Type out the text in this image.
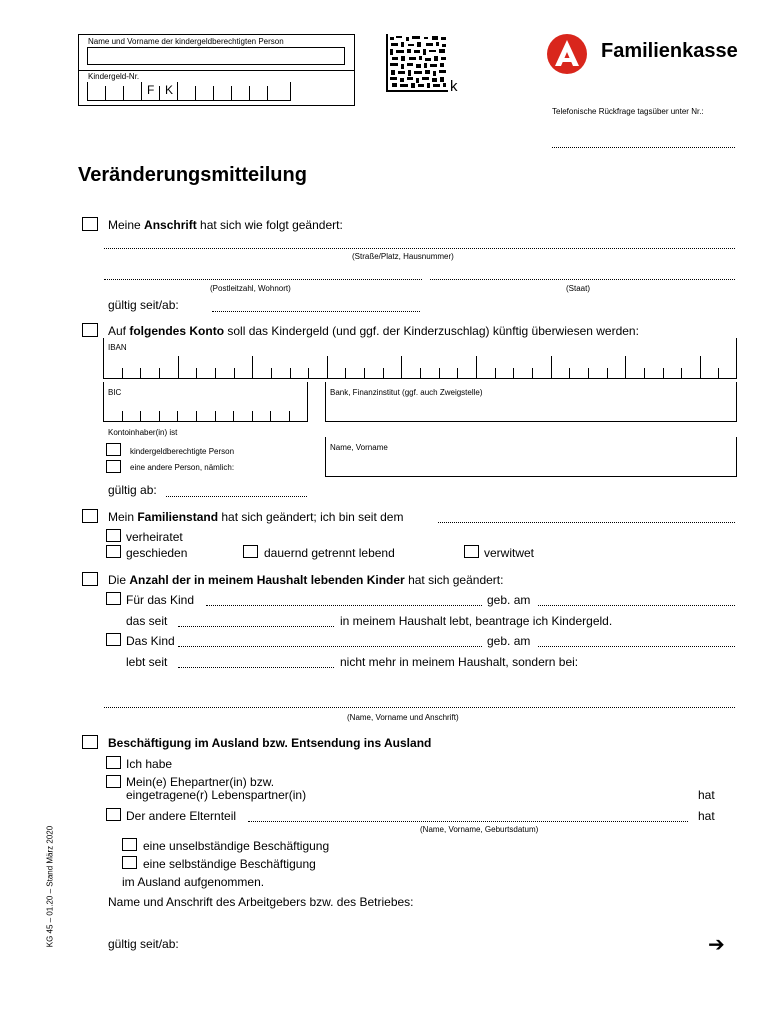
Name und Vorname der kindergeldberechtigten Person
Kindergeld-Nr.
F K	k
Familienkasse
Telefonische Rückfrage tagsüber unter Nr.:
Veränderungsmitteilung
Meine Anschrift hat sich wie folgt geändert:
(Straße/Platz, Hausnummer)
(Postleitzahl, Wohnort)	(Staat)
gültig seit/ab:
Auf folgendes Konto soll das Kindergeld (und ggf. der Kinderzuschlag) künftig überwiesen werden:
IBAN
BIC	Bank, Finanzinstitut (ggf. auch Zweigstelle)
Kontoinhaber(in) ist
kindergeldberechtigte Person
eine andere Person, nämlich:
Name, Vorname
gültig ab:
Mein Familienstand hat sich geändert; ich bin seit dem
verheiratet
geschieden	dauernd getrennt lebend	verwitwet
Die Anzahl der in meinem Haushalt lebenden Kinder hat sich geändert:
Für das Kind	geb. am
das seit	in meinem Haushalt lebt, beantrage ich Kindergeld.
Das Kind	geb. am
lebt seit	nicht mehr in meinem Haushalt, sondern bei:
(Name, Vorname und Anschrift)
Beschäftigung im Ausland bzw. Entsendung ins Ausland
Ich habe
Mein(e) Ehepartner(in) bzw.
eingetragene(r) Lebenspartner(in)	hat
Der andere Elternteil	hat
(Name, Vorname, Geburtsdatum)
eine unselbständige Beschäftigung
eine selbständige Beschäftigung
im Ausland aufgenommen.
Name und Anschrift des Arbeitgebers bzw. des Betriebes:
gültig seit/ab:	➔
KG 45 – 01.20 – Stand März 2020
